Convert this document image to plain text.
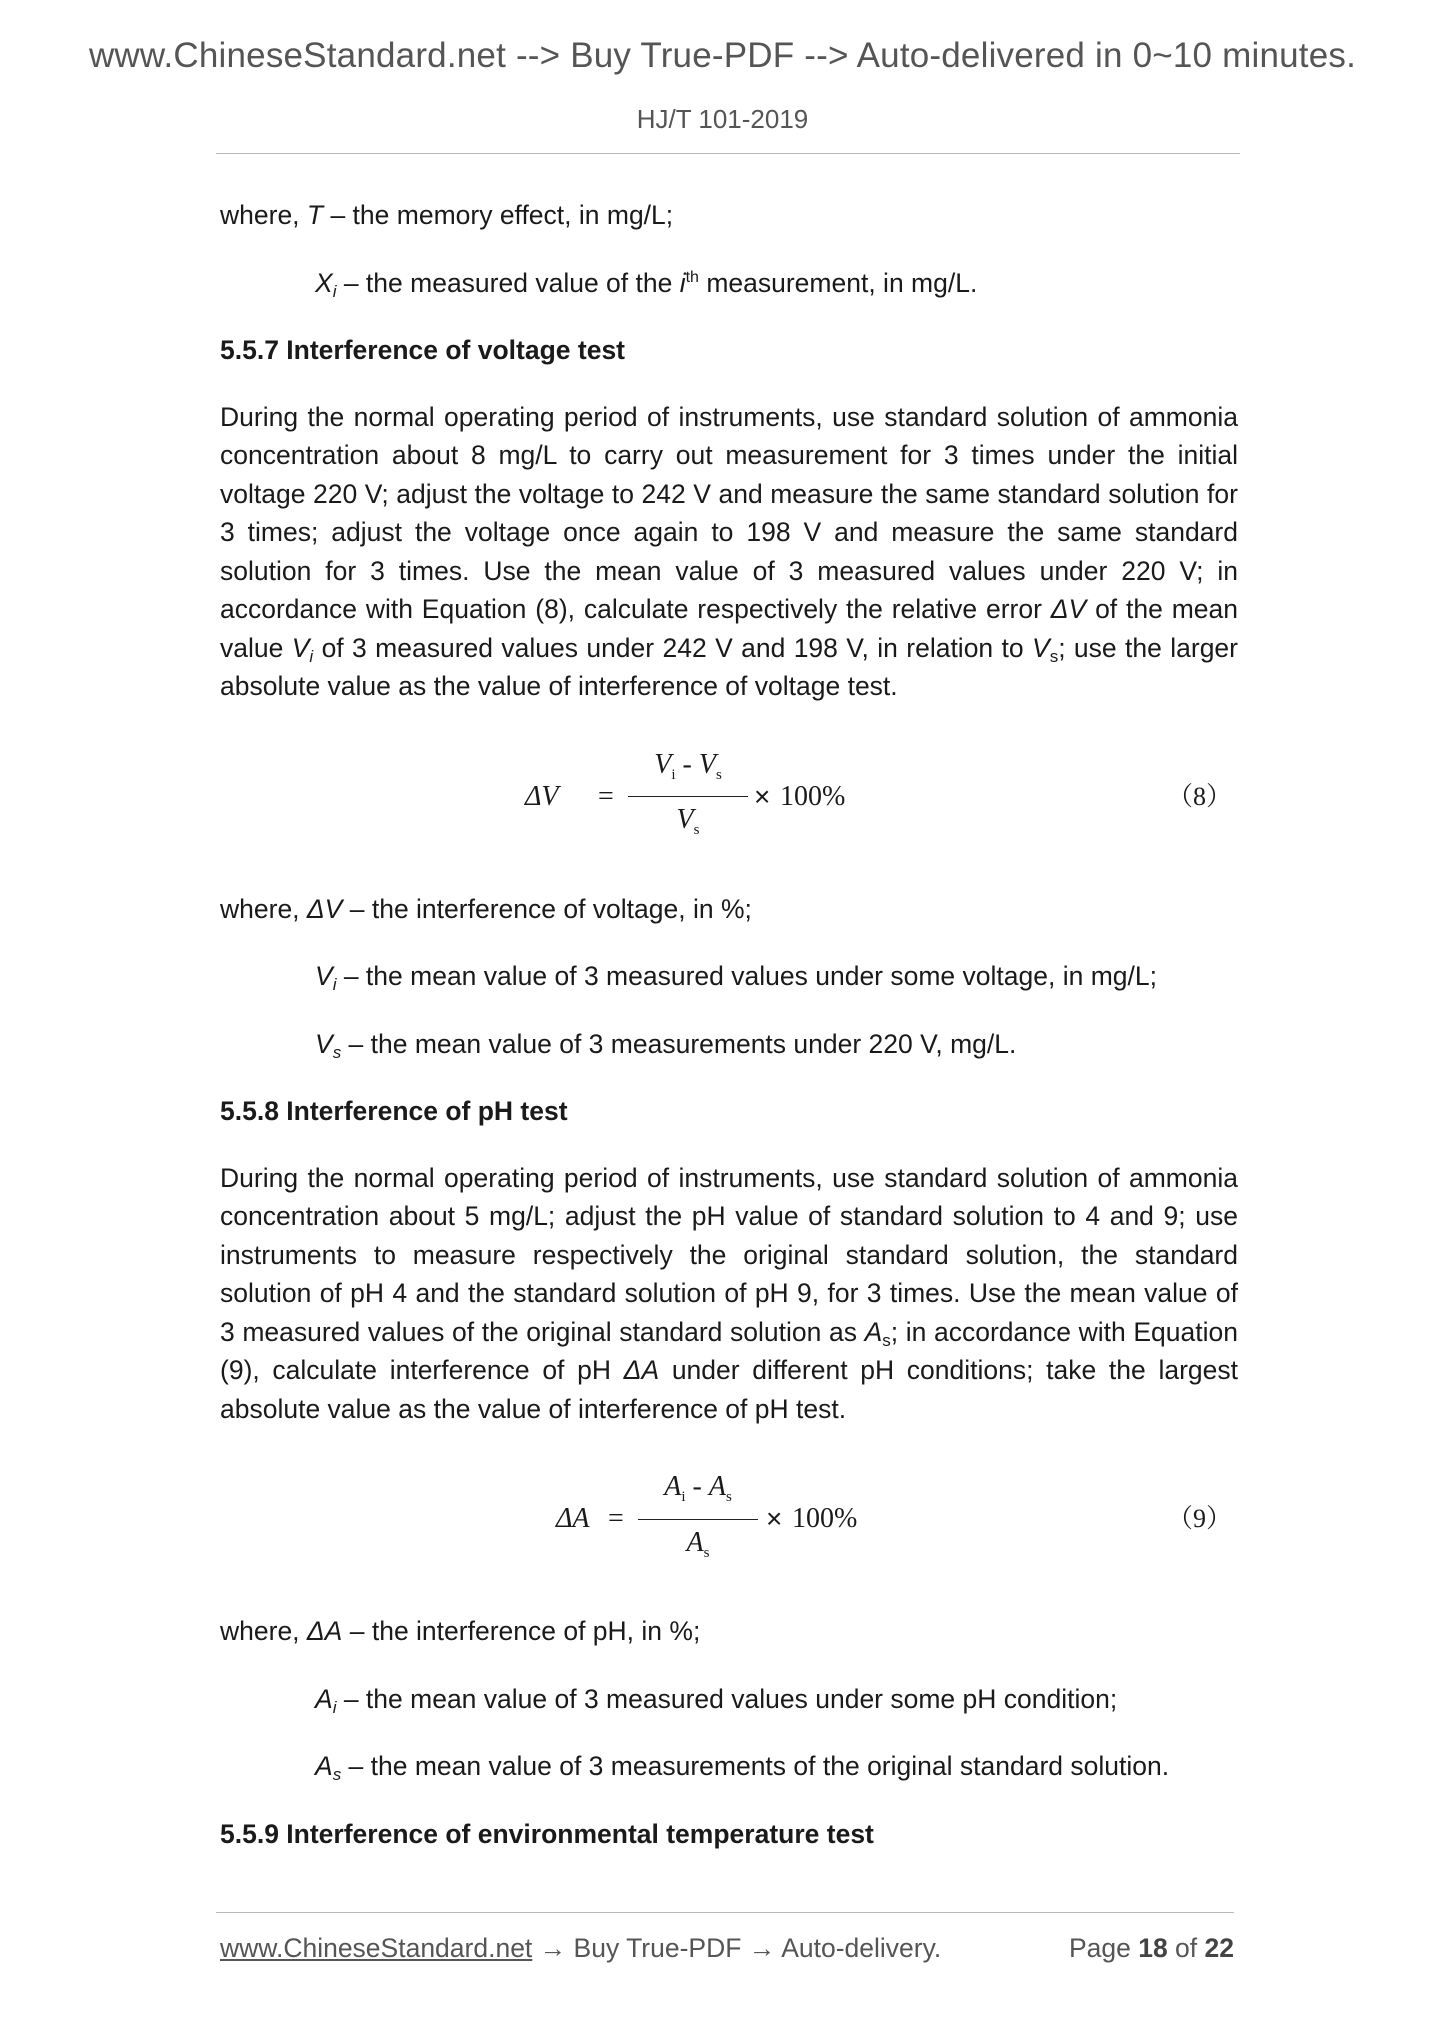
www.ChineseStandard.net --> Buy True-PDF --> Auto-delivered in 0~10 minutes.
HJ/T 101-2019
where, T – the memory effect, in mg/L;
$X_i$ – the measured value of the $i^{th}$ measurement, in mg/L.
5.5.7 Interference of voltage test
During the normal operating period of instruments, use standard solution of ammonia concentration about 8 mg/L to carry out measurement for 3 times under the initial voltage 220 V; adjust the voltage to 242 V and measure the same standard solution for 3 times; adjust the voltage once again to 198 V and measure the same standard solution for 3 times. Use the mean value of 3 measured values under 220 V; in accordance with Equation (8), calculate respectively the relative error ΔV of the mean value $V_i$ of 3 measured values under 242 V and 198 V, in relation to $V_s$; use the larger absolute value as the value of interference of voltage test.
ΔV =
$V_i - V_s$
$V_s$
× 100%	（8）
where, ΔV – the interference of voltage, in %;
$V_i$ – the mean value of 3 measured values under some voltage, in mg/L;
$V_s$ – the mean value of 3 measurements under 220 V, mg/L.
5.5.8 Interference of pH test
During the normal operating period of instruments, use standard solution of ammonia concentration about 5 mg/L; adjust the pH value of standard solution to 4 and 9; use instruments to measure respectively the original standard solution, the standard solution of pH 4 and the standard solution of pH 9, for 3 times. Use the mean value of 3 measured values of the original standard solution as $A_s$; in accordance with Equation (9), calculate interference of pH ΔA under different pH conditions; take the largest absolute value as the value of interference of pH test.
ΔA =
$A_i - A_s$
$A_s$
× 100%	（9）
where, ΔA – the interference of pH, in %;
$A_i$ – the mean value of 3 measured values under some pH condition;
$A_s$ – the mean value of 3 measurements of the original standard solution.
5.5.9 Interference of environmental temperature test
www.ChineseStandard.net → Buy True-PDF → Auto-delivery.	Page 18 of 22
